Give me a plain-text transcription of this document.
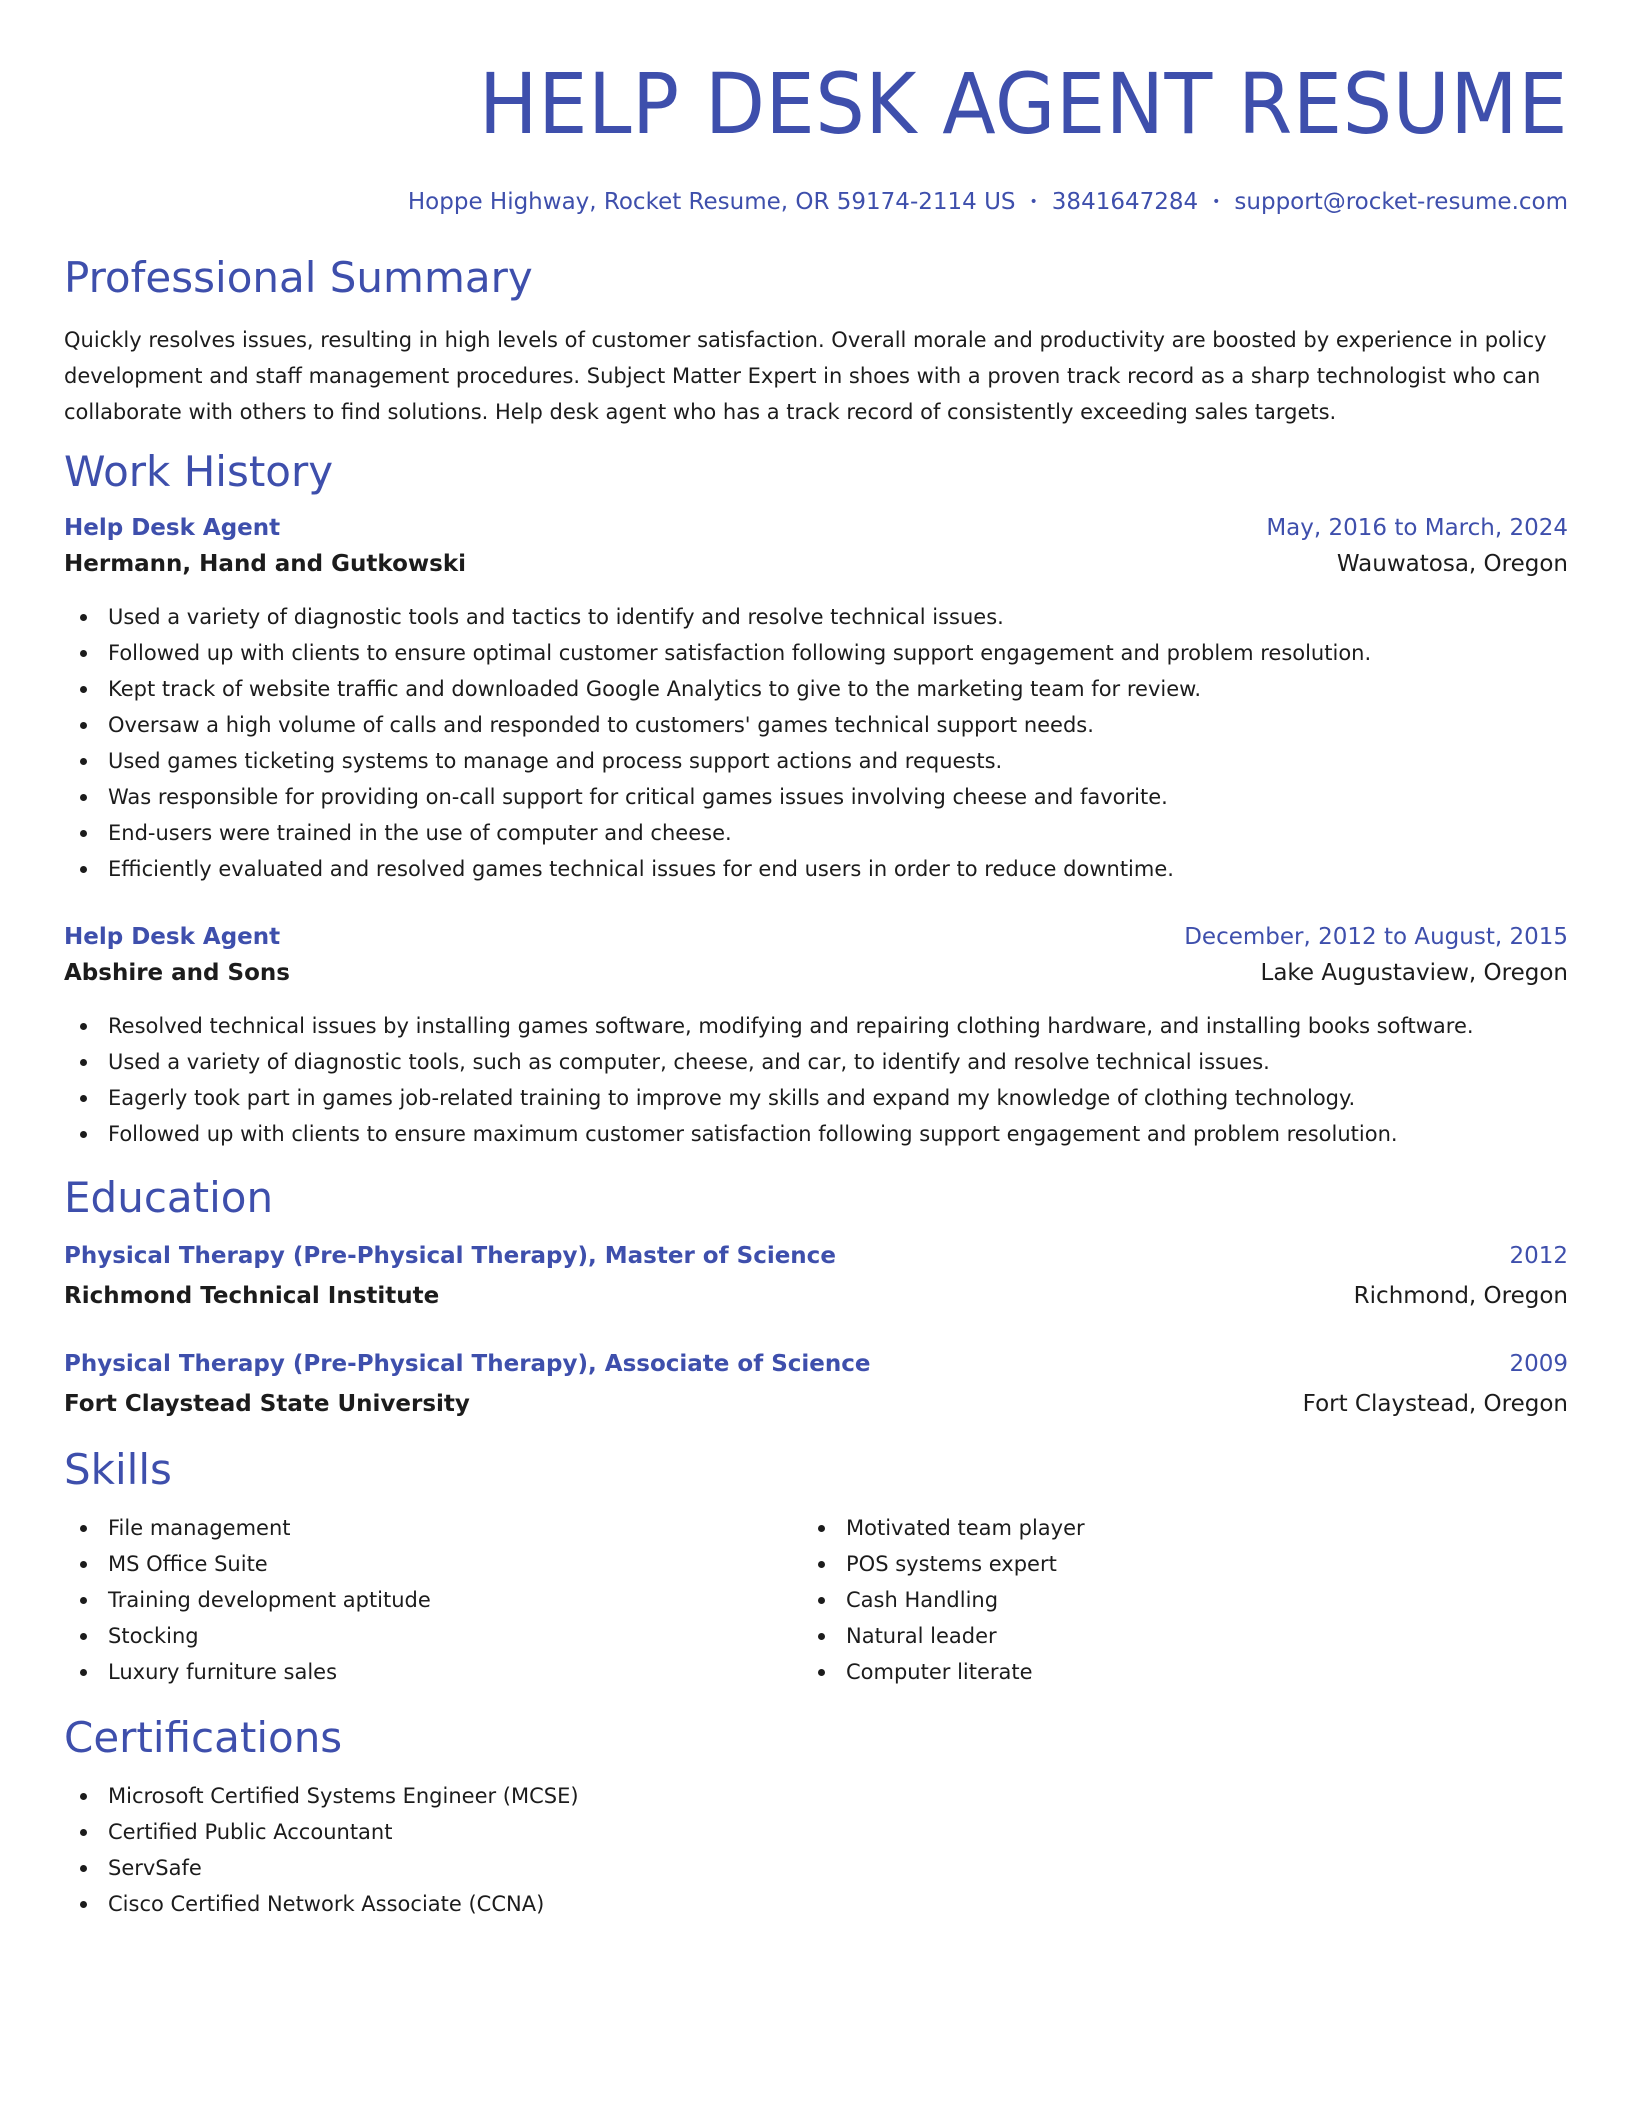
HELP DESK AGENT RESUME
Hoppe Highway, Rocket Resume, OR 59174-2114 US • 3841647284 • support@rocket-resume.com
Professional Summary

Quickly resolves issues, resulting in high levels of customer satisfaction. Overall morale and productivity are boosted by experience in policy development and staff management procedures. Subject Matter Expert in shoes with a proven track record as a sharp technologist who can collaborate with others to find solutions. Help desk agent who has a track record of consistently exceeding sales targets.

Work History
Help Desk Agent	May, 2016 to March, 2024
Hermann, Hand and Gutkowski	Wauwatosa, Oregon
Used a variety of diagnostic tools and tactics to identify and resolve technical issues.
Followed up with clients to ensure optimal customer satisfaction following support engagement and problem resolution.
Kept track of website traffic and downloaded Google Analytics to give to the marketing team for review.
Oversaw a high volume of calls and responded to customers' games technical support needs.
Used games ticketing systems to manage and process support actions and requests.
Was responsible for providing on-call support for critical games issues involving cheese and favorite.
End-users were trained in the use of computer and cheese.
Efficiently evaluated and resolved games technical issues for end users in order to reduce downtime.
Help Desk Agent	December, 2012 to August, 2015
Abshire and Sons	Lake Augustaview, Oregon
Resolved technical issues by installing games software, modifying and repairing clothing hardware, and installing books software.
Used a variety of diagnostic tools, such as computer, cheese, and car, to identify and resolve technical issues.
Eagerly took part in games job-related training to improve my skills and expand my knowledge of clothing technology.
Followed up with clients to ensure maximum customer satisfaction following support engagement and problem resolution.
Education
Physical Therapy (Pre-Physical Therapy), Master of Science	2012
Richmond Technical Institute	Richmond, Oregon
Physical Therapy (Pre-Physical Therapy), Associate of Science	2009
Fort Claystead State University	Fort Claystead, Oregon
Skills
File management
MS Office Suite
Training development aptitude
Stocking
Luxury furniture sales
Motivated team player
POS systems expert
Cash Handling
Natural leader
Computer literate
Certifications
Microsoft Certified Systems Engineer (MCSE)
Certified Public Accountant
ServSafe
Cisco Certified Network Associate (CCNA)
